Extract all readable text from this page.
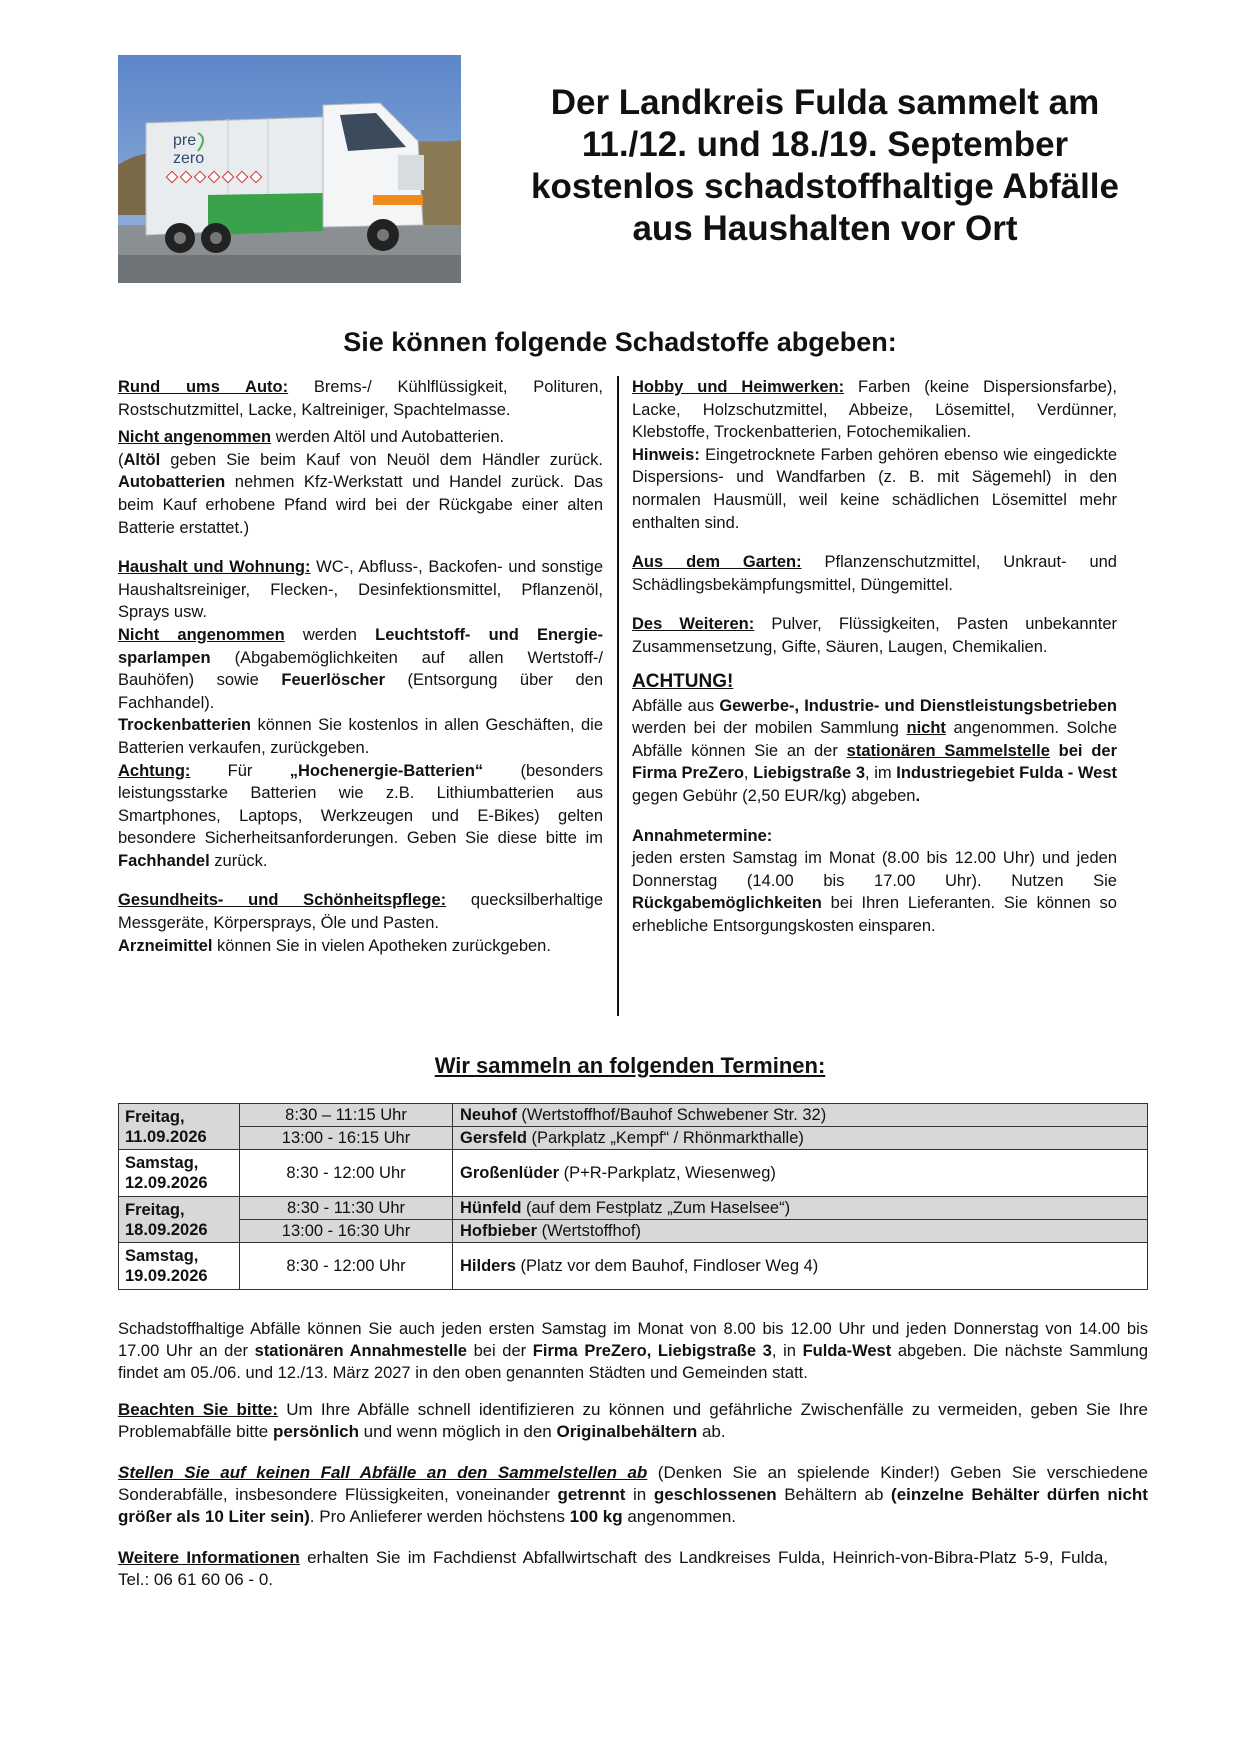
pre
zero
Der Landkreis Fulda sammelt am
11./12. und 18./19. September
kostenlos schadstoffhaltige Abfälle
aus Haushalten vor Ort
Sie können folgende Schadstoffe abgeben:

Rund ums Auto: Brems-/ Kühlflüssigkeit, Polituren, Rostschutzmittel, Lacke, Kaltreiniger, Spachtelmasse.

Nicht angenommen werden Altöl und Autobatterien.

(Altöl geben Sie beim Kauf von Neuöl dem Händler zurück. Autobatterien nehmen Kfz-Werkstatt und Handel zurück. Das beim Kauf erhobene Pfand wird bei der Rückgabe einer alten Batterie erstattet.)

Haushalt und Wohnung: WC-, Abfluss-, Backofen- und sonstige Haushaltsreiniger, Flecken-, Desinfektionsmittel, Pflanzenöl, Sprays usw.

Nicht angenommen werden Leuchtstoff- und Energie-sparlampen (Abgabemöglichkeiten auf allen Wertstoff-/ Bauhöfen) sowie Feuerlöscher (Entsorgung über den Fachhandel).

Trockenbatterien können Sie kostenlos in allen Geschäften, die Batterien verkaufen, zurückgeben.

Achtung: Für „Hochenergie-Batterien“ (besonders leistungsstarke Batterien wie z.B. Lithiumbatterien aus Smartphones, Laptops, Werkzeugen und E-Bikes) gelten besondere Sicherheitsanforderungen. Geben Sie diese bitte im Fachhandel zurück.

Gesundheits- und Schönheitspflege: quecksilberhaltige Messgeräte, Körpersprays, Öle und Pasten.

Arzneimittel können Sie in vielen Apotheken zurückgeben.

Hobby und Heimwerken: Farben (keine Dispersionsfarbe), Lacke, Holzschutzmittel, Abbeize, Lösemittel, Verdünner, Klebstoffe, Trockenbatterien, Fotochemikalien.

Hinweis: Eingetrocknete Farben gehören ebenso wie eingedickte Dispersions- und Wandfarben (z. B. mit Sägemehl) in den normalen Hausmüll, weil keine schädlichen Lösemittel mehr enthalten sind.

Aus dem Garten: Pflanzenschutzmittel, Unkraut- und Schädlingsbekämpfungsmittel, Düngemittel.

Des Weiteren: Pulver, Flüssigkeiten, Pasten unbekannter Zusammensetzung, Gifte, Säuren, Laugen, Chemikalien.

ACHTUNG!

Abfälle aus Gewerbe-, Industrie- und Dienstleistungsbetrieben werden bei der mobilen Sammlung nicht angenommen. Solche Abfälle können Sie an der stationären Sammelstelle bei der Firma PreZero, Liebigstraße 3, im Industriegebiet Fulda - West gegen Gebühr (2,50 EUR/kg) abgeben.

Annahmetermine:
jeden ersten Samstag im Monat (8.00 bis 12.00 Uhr) und jeden Donnerstag (14.00 bis 17.00 Uhr). Nutzen Sie Rückgabemöglichkeiten bei Ihren Lieferanten. Sie können so erhebliche Entsorgungskosten einsparen.

Wir sammeln an folgenden Terminen:
Freitag,
11.09.2026	8:30 – 11:15 Uhr	Neuhof (Wertstoffhof/Bauhof Schwebener Str. 32)
	13:00 - 16:15 Uhr	Gersfeld (Parkplatz „Kempf“ / Rhönmarkthalle)
Samstag,
12.09.2026	8:30 - 12:00 Uhr	Großenlüder (P+R-Parkplatz, Wiesenweg)
Freitag,
18.09.2026	8:30 - 11:30 Uhr	Hünfeld (auf dem Festplatz „Zum Haselsee“)
	13:00 - 16:30 Uhr	Hofbieber (Wertstoffhof)
Samstag,
19.09.2026	8:30 - 12:00 Uhr	Hilders (Platz vor dem Bauhof, Findloser Weg 4)

Schadstoffhaltige Abfälle können Sie auch jeden ersten Samstag im Monat von 8.00 bis 12.00 Uhr und jeden Donnerstag von 14.00 bis 17.00 Uhr an der stationären Annahmestelle bei der Firma PreZero, Liebigstraße 3, in Fulda-West abgeben. Die nächste Sammlung findet am 05./06. und 12./13. März 2027 in den oben genannten Städten und Gemeinden statt.

Beachten Sie bitte: Um Ihre Abfälle schnell identifizieren zu können und gefährliche Zwischenfälle zu vermeiden, geben Sie Ihre Problemabfälle bitte persönlich und wenn möglich in den Originalbehältern ab.

Stellen Sie auf keinen Fall Abfälle an den Sammelstellen ab (Denken Sie an spielende Kinder!) Geben Sie verschiedene Sonderabfälle, insbesondere Flüssigkeiten, voneinander getrennt in geschlossenen Behältern ab (einzelne Behälter dürfen nicht größer als 10 Liter sein). Pro Anlieferer werden höchstens 100 kg angenommen.

Weitere Informationen erhalten Sie im Fachdienst Abfallwirtschaft des Landkreises Fulda, Heinrich-von-Bibra-Platz 5-9, Fulda, Tel.: 06 61 60 06 - 0.
